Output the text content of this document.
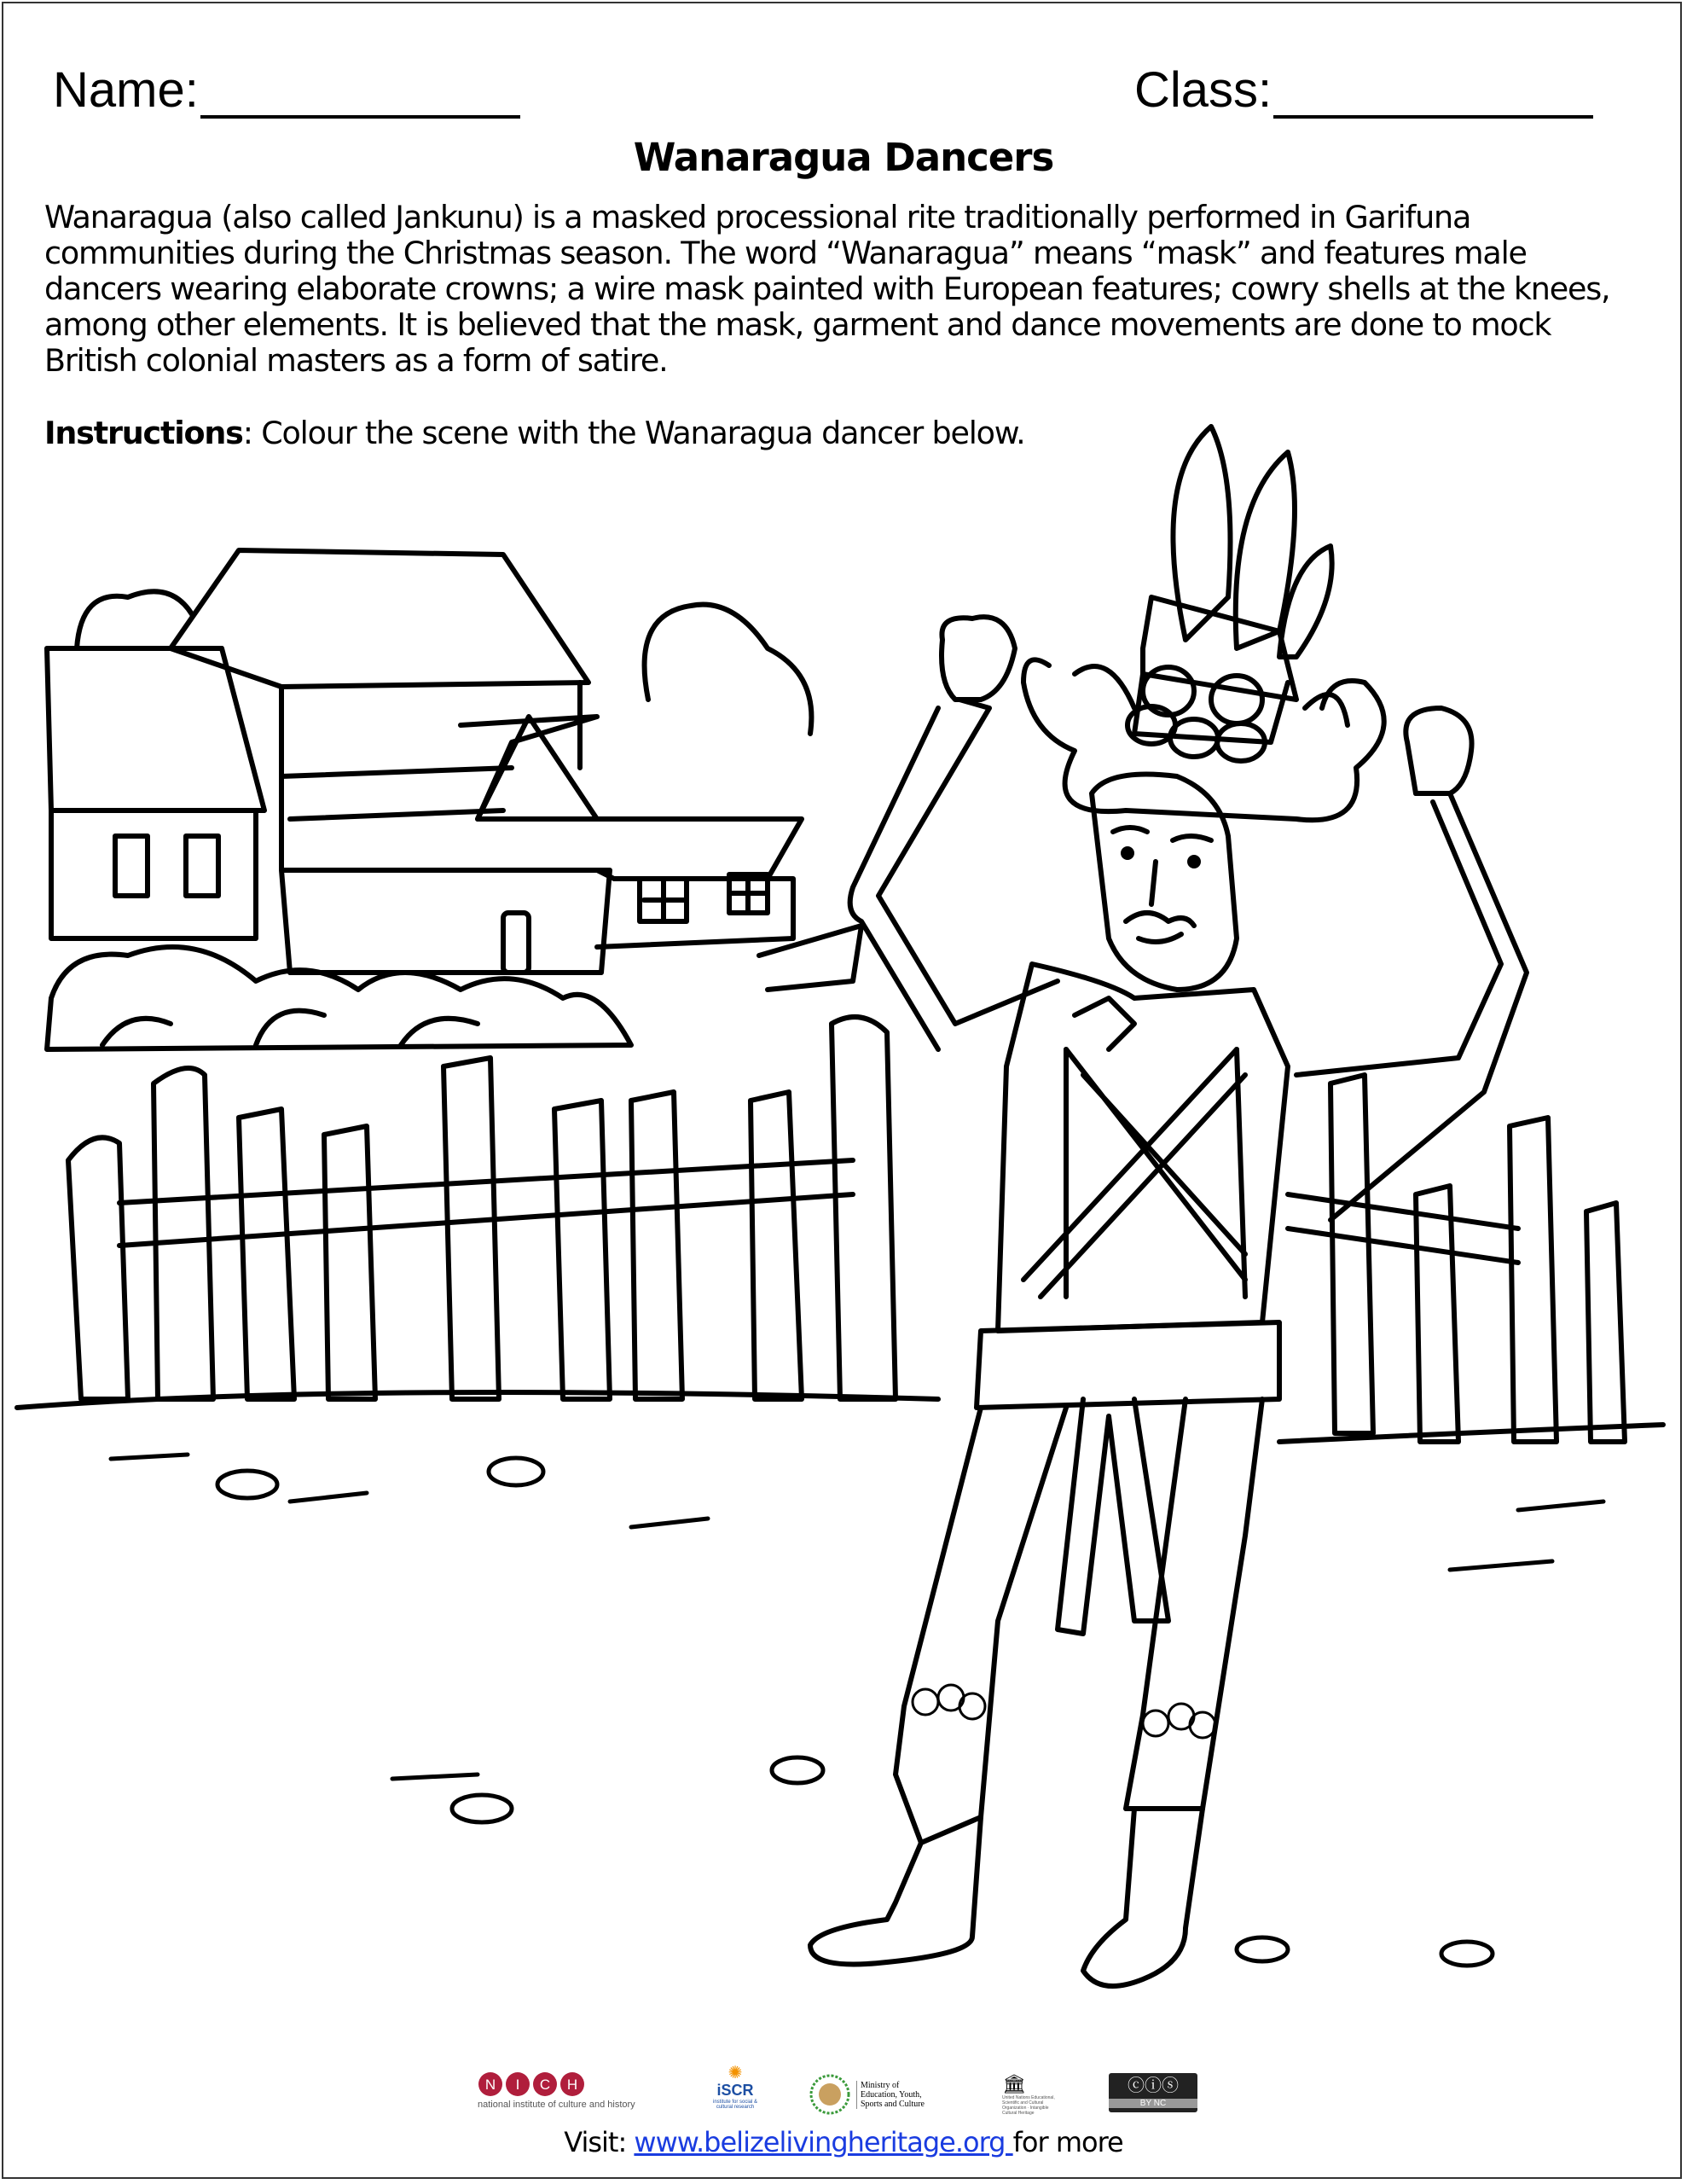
Name:	Class:
Wanaragua Dancers
Wanaragua (also called Jankunu) is a masked processional rite traditionally performed in Garifuna communities during the Christmas season. The word “Wanaragua” means “mask” and features male dancers wearing elaborate crowns; a wire mask painted with European features; cowry shells at the knees, among other elements. It is believed that the mask, garment and dance movements are done to mock British colonial masters as a form of satire.
Instructions: Colour the scene with the Wanaragua dancer below.
N I C H
national institute of culture and history
✺
iSCR
institute for social & cultural research
Ministry of Education, Youth, Sports and Culture
🏛
United Nations Educational, Scientific and Cultural Organization · Intangible Cultural Heritage
ⓒⓘⓢ
BY NC
Visit: www.belizelivingheritage.org for more
